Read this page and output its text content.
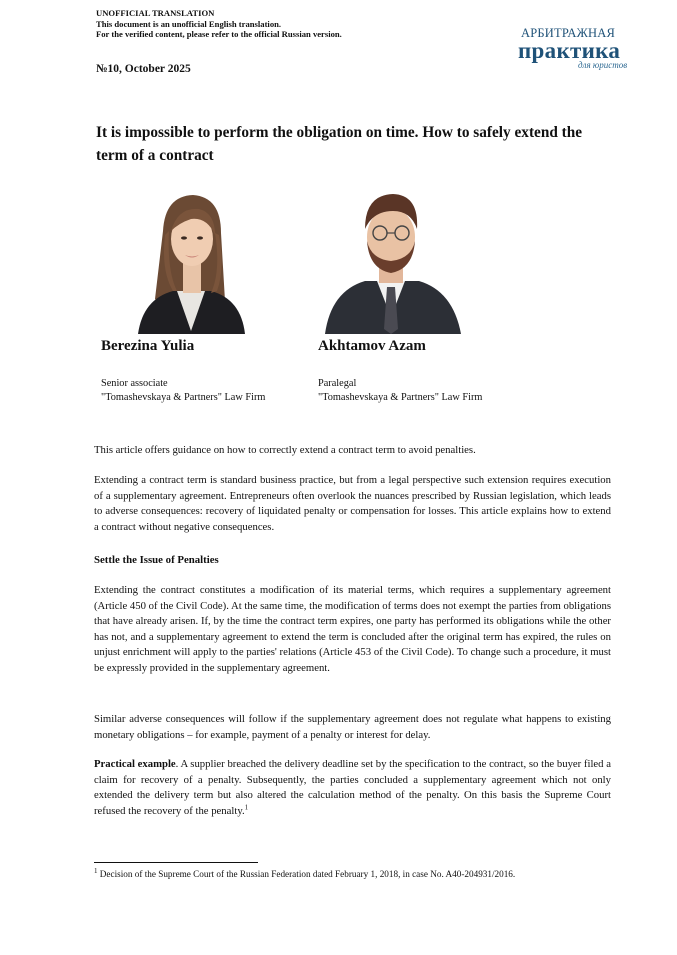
UNOFFICIAL TRANSLATION
This document is an unofficial English translation.
For the verified content, please refer to the official Russian version.
№10, October 2025
АРБИТРАЖНАЯ
практика
для юристов
It is impossible to perform the obligation on time. How to safely extend the term of a contract
Berezina Yulia	Akhtamov Azam
Senior associate
"Tomashevskaya & Partners" Law Firm
Paralegal
"Tomashevskaya & Partners" Law Firm

This article offers guidance on how to correctly extend a contract term to avoid penalties.

Extending a contract term is standard business practice, but from a legal perspective such extension requires execution of a supplementary agreement. Entrepreneurs often overlook the nuances prescribed by Russian legislation, which leads to adverse consequences: recovery of liquidated penalty or compensation for losses. This article explains how to extend a contract without negative consequences.

Settle the Issue of Penalties

Extending the contract constitutes a modification of its material terms, which requires a supplementary agreement (Article 450 of the Civil Code). At the same time, the modification of terms does not exempt the parties from obligations that have already arisen. If, by the time the contract term expires, one party has performed its obligations while the other has not, and a supplementary agreement to extend the term is concluded after the original term has expired, the rules on unjust enrichment will apply to the parties' relations (Article 453 of the Civil Code). To change such a procedure, it must be expressly provided in the supplementary agreement.

Similar adverse consequences will follow if the supplementary agreement does not regulate what happens to existing monetary obligations – for example, payment of a penalty or interest for delay.

Practical example. A supplier breached the delivery deadline set by the specification to the contract, so the buyer filed a claim for recovery of a penalty. Subsequently, the parties concluded a supplementary agreement which not only extended the delivery term but also altered the calculation method of the penalty. On this basis the Supreme Court refused the recovery of the penalty.$^1$

$^1$ Decision of the Supreme Court of the Russian Federation dated February 1, 2018, in case No. A40-204931/2016.
